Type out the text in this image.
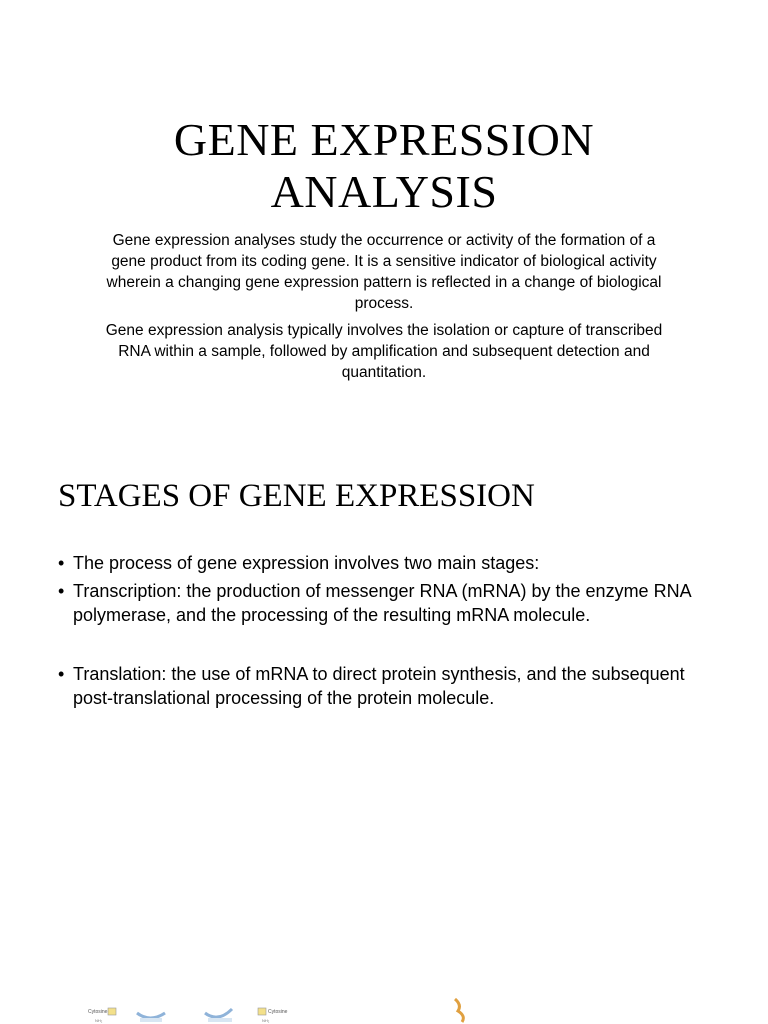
GENE EXPRESSION
ANALYSIS

Gene expression analyses study the occurrence or activity of the formation of a gene product from its coding gene. It is a sensitive indicator of biological activity wherein a changing gene expression pattern is reflected in a change of biological process.

Gene expression analysis typically involves the isolation or capture of transcribed RNA within a sample, followed by amplification and subsequent detection and quantitation.

STAGES OF GENE EXPRESSION
• The process of gene expression involves two main stages:
• Transcription: the production of messenger RNA (mRNA) by the enzyme RNA polymerase, and the processing of the resulting mRNA molecule.
• Translation: the use of mRNA to direct protein synthesis, and the subsequent post-translational processing of the protein molecule.
Cytosine
NH₂
Cytosine
NH₂
